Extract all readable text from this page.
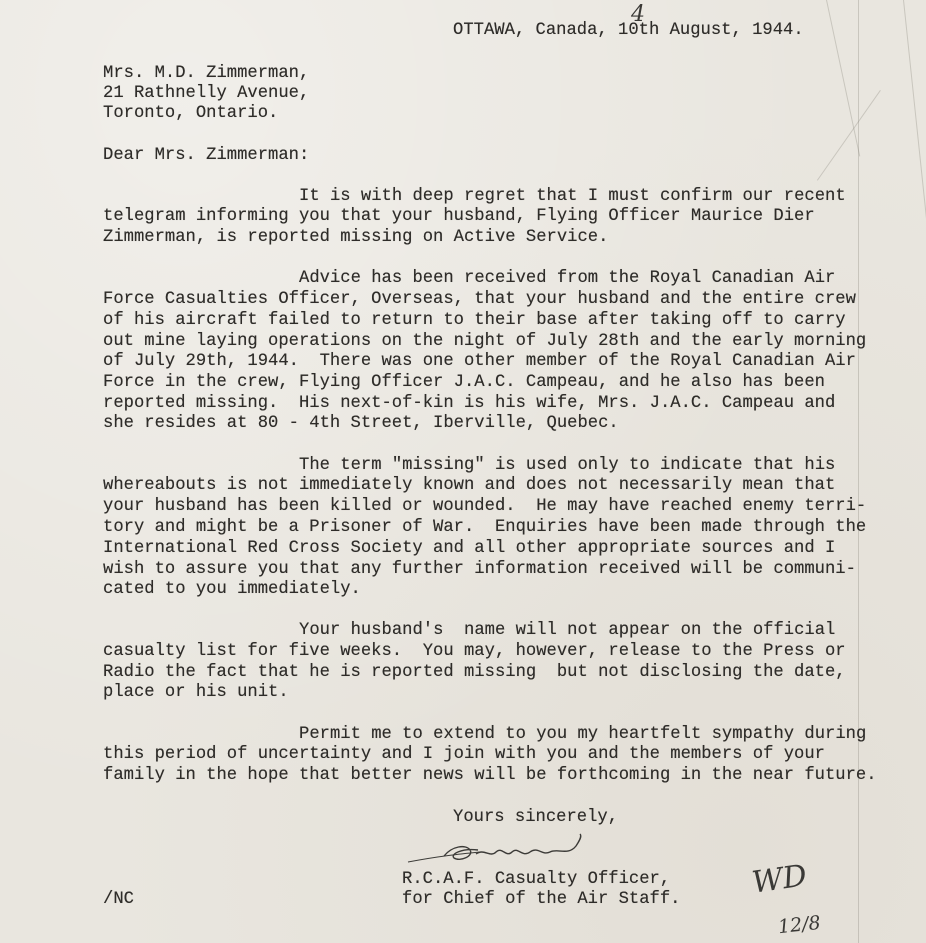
OTTAWA, Canada, 10th August, 1944.
4
Mrs. M.D. Zimmerman,
21 Rathnelly Avenue,
Toronto, Ontario.
Dear Mrs. Zimmerman:
It is with deep regret that I must confirm our recent
telegram informing you that your husband, Flying Officer Maurice Dier
Zimmerman, is reported missing on Active Service.
Advice has been received from the Royal Canadian Air
Force Casualties Officer, Overseas, that your husband and the entire crew
of his aircraft failed to return to their base after taking off to carry
out mine laying operations on the night of July 28th and the early morning
of July 29th, 1944.  There was one other member of the Royal Canadian Air
Force in the crew, Flying Officer J.A.C. Campeau, and he also has been
reported missing.  His next-of-kin is his wife, Mrs. J.A.C. Campeau and
she resides at 80 - 4th Street, Iberville, Quebec.
The term "missing" is used only to indicate that his
whereabouts is not immediately known and does not necessarily mean that
your husband has been killed or wounded.  He may have reached enemy terri-
tory and might be a Prisoner of War.  Enquiries have been made through the
International Red Cross Society and all other appropriate sources and I
wish to assure you that any further information received will be communi-
cated to you immediately.
Your husband's  name will not appear on the official
casualty list for five weeks.  You may, however, release to the Press or
Radio the fact that he is reported missing  but not disclosing the date,
place or his unit.
Permit me to extend to you my heartfelt sympathy during
this period of uncertainty and I join with you and the members of your
family in the hope that better news will be forthcoming in the near future.
Yours sincerely,
R.C.A.F. Casualty Officer,
for Chief of the Air Staff.
/NC	WD
12/8
